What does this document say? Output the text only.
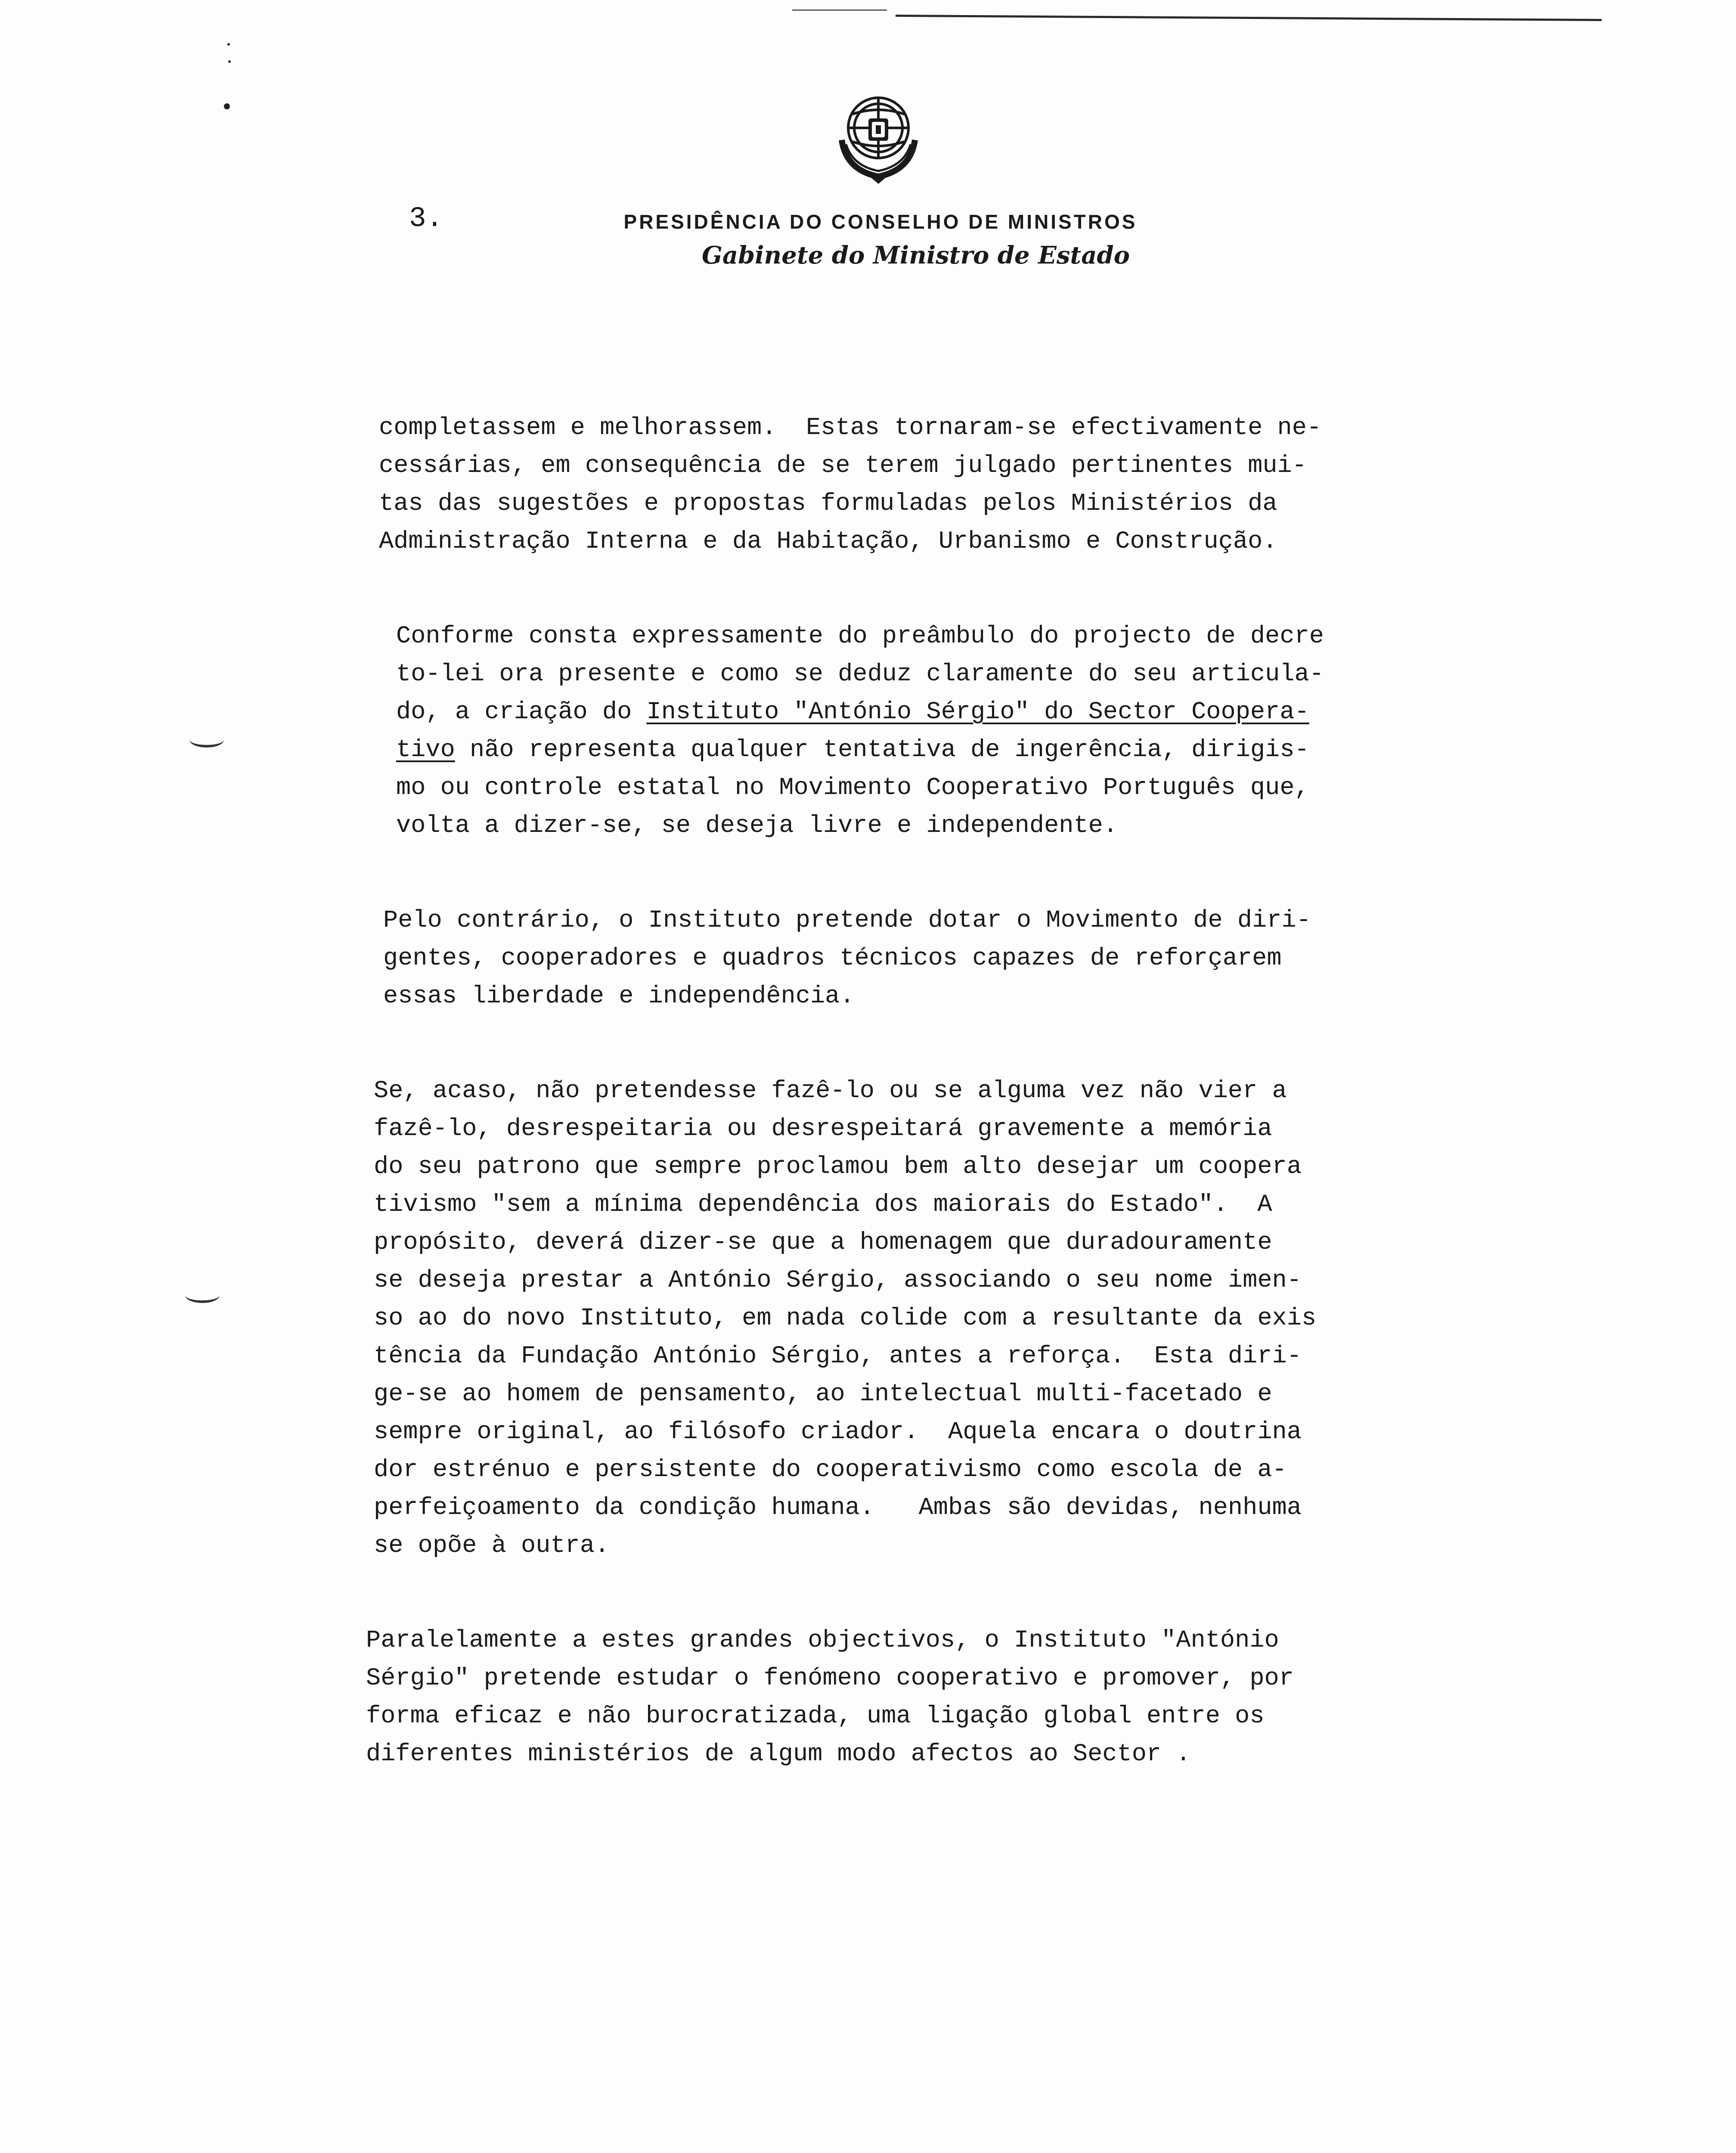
3.	PRESIDÊNCIA DO CONSELHO DE MINISTROS
Gabinete do Ministro de Estado
completassem e melhorassem.  Estas tornaram-se efectivamente ne-
cessárias, em consequência de se terem julgado pertinentes mui-
tas das sugestões e propostas formuladas pelos Ministérios da
Administração Interna e da Habitação, Urbanismo e Construção.
Conforme consta expressamente do preâmbulo do projecto de decre
to-lei ora presente e como se deduz claramente do seu articula-
do, a criação do Instituto "António Sérgio" do Sector Coopera-
tivo não representa qualquer tentativa de ingerência, dirigis-
mo ou controle estatal no Movimento Cooperativo Português que,
volta a dizer-se, se deseja livre e independente.
Pelo contrário, o Instituto pretende dotar o Movimento de diri-
gentes, cooperadores e quadros técnicos capazes de reforçarem
essas liberdade e independência.
Se, acaso, não pretendesse fazê-lo ou se alguma vez não vier a
fazê-lo, desrespeitaria ou desrespeitará gravemente a memória
do seu patrono que sempre proclamou bem alto desejar um coopera
tivismo "sem a mínima dependência dos maiorais do Estado".  A
propósito, deverá dizer-se que a homenagem que duradouramente
se deseja prestar a António Sérgio, associando o seu nome imen-
so ao do novo Instituto, em nada colide com a resultante da exis
tência da Fundação António Sérgio, antes a reforça.  Esta diri-
ge-se ao homem de pensamento, ao intelectual multi-facetado e
sempre original, ao filósofo criador.  Aquela encara o doutrina
dor estrénuo e persistente do cooperativismo como escola de a-
perfeiçoamento da condição humana.   Ambas são devidas, nenhuma
se opõe à outra.
Paralelamente a estes grandes objectivos, o Instituto "António
Sérgio" pretende estudar o fenómeno cooperativo e promover, por
forma eficaz e não burocratizada, uma ligação global entre os
diferentes ministérios de algum modo afectos ao Sector .
